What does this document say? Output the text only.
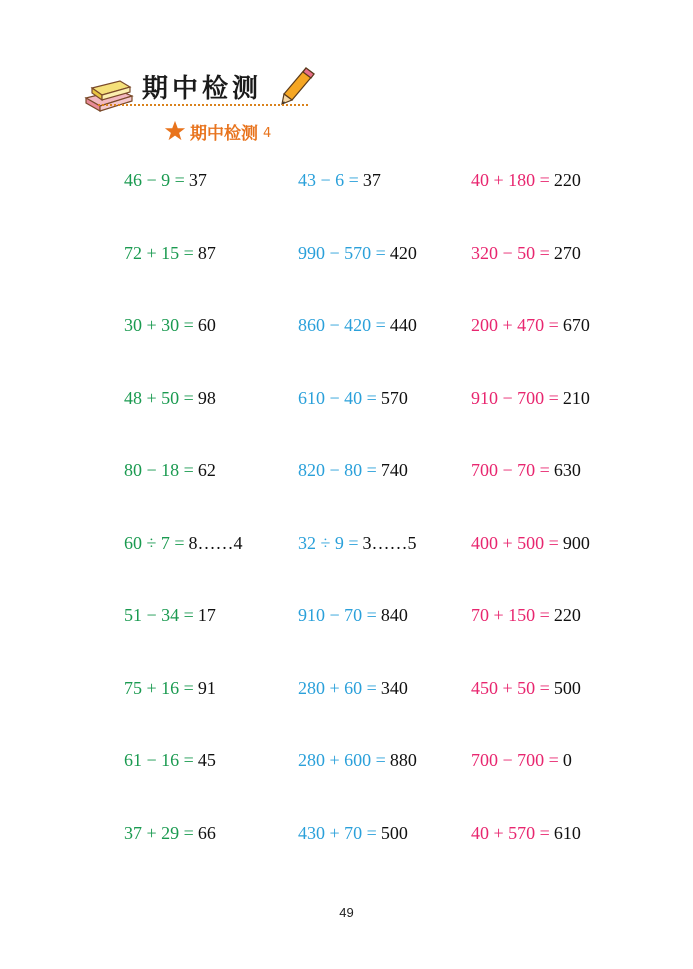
期中检测
期中检测 4
46 − 9 = 37	43 − 6 = 37	40 + 180 = 220
72 + 15 = 87	990 − 570 = 420	320 − 50 = 270
30 + 30 = 60	860 − 420 = 440	200 + 470 = 670
48 + 50 = 98	610 − 40 = 570	910 − 700 = 210
80 − 18 = 62	820 − 80 = 740	700 − 70 = 630
60 ÷ 7 = 8……4	32 ÷ 9 = 3……5	400 + 500 = 900
51 − 34 = 17	910 − 70 = 840	70 + 150 = 220
75 + 16 = 91	280 + 60 = 340	450 + 50 = 500
61 − 16 = 45	280 + 600 = 880	700 − 700 = 0
37 + 29 = 66	430 + 70 = 500	40 + 570 = 610
49
